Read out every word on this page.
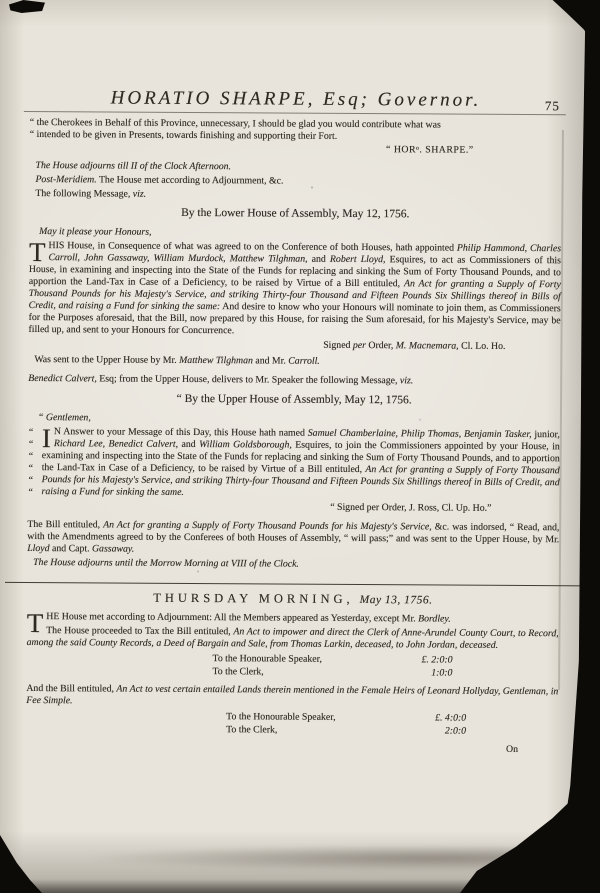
HORATIO SHARPE, Esq; Governor.	75

“ the Cherokees in Behalf of this Province, unnecessary, I should be glad you would contribute what was

“ intended to be given in Presents, towards finishing and supporting their Fort.

“ HORᵒ. SHARPE.”

The House adjourns till II of the Clock Afternoon.

Post-Meridiem. The House met according to Adjournment, &c.

The following Message, viz.

By the Lower House of Assembly, May 12, 1756.

May it please your Honours,

THIS House, in Consequence of what was agreed to on the Conference of both Houses, hath appointed Philip Hammond, Charles Carroll, John Gassaway, William Murdock, Matthew Tilghman, and Robert Lloyd, Esquires, to act as Commissioners of this House, in examining and inspecting into the State of the Funds for replacing and sinking the Sum of Forty Thousand Pounds, and to apportion the Land-Tax in Case of a Deficiency, to be raised by Virtue of a Bill entituled, An Act for granting a Supply of Forty Thousand Pounds for his Majesty's Service, and striking Thirty-four Thousand and Fifteen Pounds Six Shillings thereof in Bills of Credit, and raising a Fund for sinking the same: And desire to know who your Honours will nominate to join them, as Commissioners for the Purposes aforesaid, that the Bill, now prepared by this House, for raising the Sum aforesaid, for his Majesty's Service, may be filled up, and sent to your Honours for Concurrence.

Signed per Order, M. Macnemara, Cl. Lo. Ho.

Was sent to the Upper House by Mr. Matthew Tilghman and Mr. Carroll.

Benedict Calvert, Esq; from the Upper House, delivers to Mr. Speaker the following Message, viz.

“ By the Upper House of Assembly, May 12, 1756.

“ Gentlemen,

“ “ “ “ “ “ I N Answer to your Message of this Day, this House hath named Samuel Chamberlaine, Philip Thomas, Benjamin Tasker, junior, Richard Lee, Benedict Calvert, and William Goldsborough, Esquires, to join the Commissioners appointed by your House, in examining and inspecting into the State of the Funds for replacing and sinking the Sum of Forty Thousand Pounds, and to apportion the Land-Tax in Case of a Deficiency, to be raised by Virtue of a Bill entituled, An Act for granting a Supply of Forty Thousand Pounds for his Majesty's Service, and striking Thirty-four Thousand and Fifteen Pounds Six Shillings thereof in Bills of Credit, and raising a Fund for sinking the same.

“ Signed per Order, J. Ross, Cl. Up. Ho.”

The Bill entituled, An Act for granting a Supply of Forty Thousand Pounds for his Majesty's Service, &c. was indorsed, “ Read, and, with the Amendments agreed to by the Conferees of both Houses of Assembly, “ will pass;” and was sent to the Upper House, by Mr. Lloyd and Capt. Gassaway.

The House adjourns until the Morrow Morning at VIII of the Clock.

THURSDAY MORNING, May 13, 1756.

THE House met according to Adjournment: All the Members appeared as Yesterday, except Mr. Bordley.

The House proceeded to Tax the Bill entituled, An Act to impower and direct the Clerk of Anne-Arundel County Court, to Record, among the said County Records, a Deed of Bargain and Sale, from Thomas Larkin, deceased, to John Jordan, deceased.

To the Honourable Speaker,	£. 2:0:0
To the Clerk,	1:0:0

And the Bill entituled, An Act to vest certain entailed Lands therein mentioned in the Female Heirs of Leonard Hollyday, Gentleman, in Fee Simple.

To the Honourable Speaker,	£. 4:0:0
To the Clerk,	2:0:0

On
